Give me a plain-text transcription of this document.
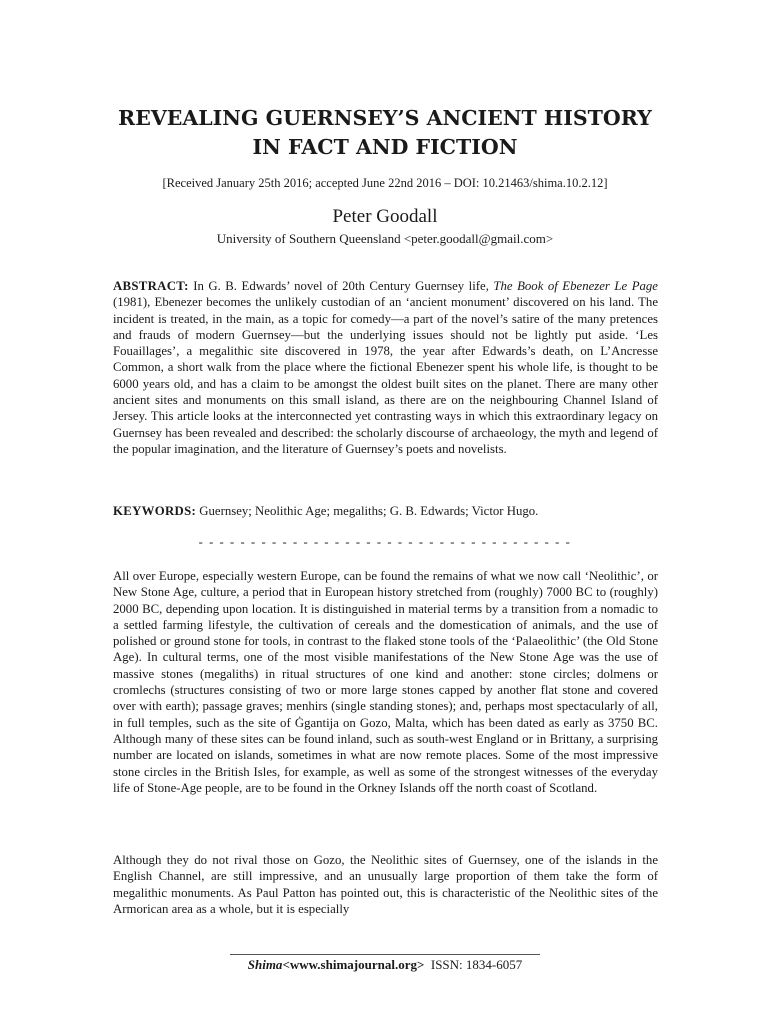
REVEALING GUERNSEY’S ANCIENT HISTORY
IN FACT AND FICTION
[Received January 25th 2016; accepted June 22nd 2016 – DOI: 10.21463/shima.10.2.12]
Peter Goodall
University of Southern Queensland <peter.goodall@gmail.com>
ABSTRACT: In G. B. Edwards’ novel of 20th Century Guernsey life, The Book of Ebenezer Le Page (1981), Ebenezer becomes the unlikely custodian of an ‘ancient monument’ discovered on his land. The incident is treated, in the main, as a topic for comedy—a part of the novel’s satire of the many pretences and frauds of modern Guernsey—but the underlying issues should not be lightly put aside. ‘Les Fouaillages’, a megalithic site discovered in 1978, the year after Edwards’s death, on L’Ancresse Common, a short walk from the place where the fictional Ebenezer spent his whole life, is thought to be 6000 years old, and has a claim to be amongst the oldest built sites on the planet. There are many other ancient sites and monuments on this small island, as there are on the neighbouring Channel Island of Jersey. This article looks at the interconnected yet contrasting ways in which this extraordinary legacy on Guernsey has been revealed and described: the scholarly discourse of archaeology, the myth and legend of the popular imagination, and the literature of Guernsey’s poets and novelists.
KEYWORDS: Guernsey; Neolithic Age; megaliths; G. B. Edwards; Victor Hugo.
- - - - - - - - - - - - - - - - - - - - - - - - - - - - - - - - - - - -
All over Europe, especially western Europe, can be found the remains of what we now call ‘Neolithic’, or New Stone Age, culture, a period that in European history stretched from (roughly) 7000 BC to (roughly) 2000 BC, depending upon location. It is distinguished in material terms by a transition from a nomadic to a settled farming lifestyle, the cultivation of cereals and the domestication of animals, and the use of polished or ground stone for tools, in contrast to the flaked stone tools of the ‘Palaeolithic’ (the Old Stone Age). In cultural terms, one of the most visible manifestations of the New Stone Age was the use of massive stones (megaliths) in ritual structures of one kind and another: stone circles; dolmens or cromlechs (structures consisting of two or more large stones capped by another flat stone and covered over with earth); passage graves; menhirs (single standing stones); and, perhaps most spectacularly of all, in full temples, such as the site of Ġgantija on Gozo, Malta, which has been dated as early as 3750 BC. Although many of these sites can be found inland, such as south-west England or in Brittany, a surprising number are located on islands, sometimes in what are now remote places. Some of the most impressive stone circles in the British Isles, for example, as well as some of the strongest witnesses of the everyday life of Stone-Age people, are to be found in the Orkney Islands off the north coast of Scotland.
Although they do not rival those on Gozo, the Neolithic sites of Guernsey, one of the islands in the English Channel, are still impressive, and an unusually large proportion of them take the form of megalithic monuments. As Paul Patton has pointed out, this is characteristic of the Neolithic sites of the Armorican area as a whole, but it is especially
Shima<www.shimajournal.org> ISSN: 1834-6057
